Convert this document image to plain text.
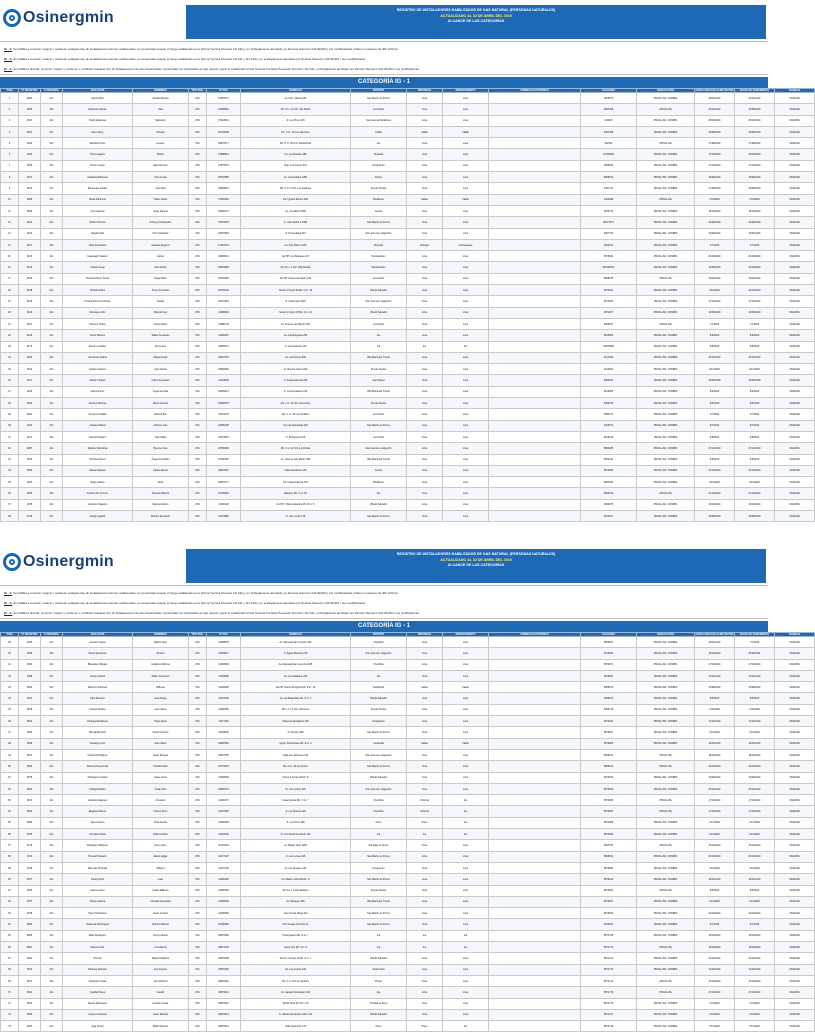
Osinergmin	REGISTRO DE INSTALADORES HABILITADOS DE GAS NATURAL (PERSONAS NATURALES)
ACTUALIZADO AL 22 DE ABRIL DEL 2019
ALCANCE DE LAS CATEGORÍAS
IG - 1:Se habilita a construir, reparar y mantener cualquier tipo de Instalaciones Internas residenciales y/o comerciales (según el rango establecido en la Norma Técnica Peruana 111.011) y en el Reglamento aprobado por Decreto Supremo 042-99-EM y sus modificatorias, hasta un consumo de 300 m3/mes.
IG - 2:Se habilita a construir, reparar y mantener cualquier tipo de Instalaciones Internas residenciales y/o comerciales (según el rango establecido en la Norma Técnica Peruana 111.011 y 111.010) y en el Reglamento aprobado por Decreto Supremo 042-99-EM y sus modificatorias.
IG - 3:Se habilita a diseñar, construir, reparar y mantener o modificar cualquier tipo de Instalaciones Internas residenciales, comerciales y/o industriales de gas natural, según lo establecido en las Normas Técnicas Peruanas 111.010 y 111.011 y el Reglamento aprobado por Decreto Supremo 042-99-EM y sus modificatorias.
CATEGORÍA IG - 1
ÍTEM	Nº REGISTRO	CATEGORÍA	APELLIDOS	NOMBRES	TIPO DOC.	Nº DOC	DOMICILIO	DISTRITO	PROVINCIA	DEPARTAMENTO	CORREO ELECTRÓNICO	TELÉFONO	HABILITACIÓN	FECHA INICIO DE HABILITACIÓN	FECHA DE VENCIMIENTO	VIGENCIA
1	0004	IG1	García Ruiz	Claudio Alberto	DNI	07853127	Av. M.G. Villena 230	San Martín de Porres	Lima	Lima		4562073	PROAL-PE / COMBIS	28/11/2020	14/11/2020	VIGENTE
2	0009	IG1	Espinoza Casafe	Abel	DNI	10095561	Mz. P Lt. 10 Urb. Sta. María	Los Olivos	Lima	Lima		5287258	PROAL-PE	22/11/2020	10/08/2020	VIGENTE
3	0017	IG1	Pardo Espinosa	Marcelino	DNI	07923091	Jr. Los Pinos 145	San Juan de Miraflores	Lima	Lima		410915	PROAL-PE / COMBIS	28/09/2020	26/07/2020	VIGENTE
4	0027	IG1	Pérez Mory	Clímaco	DNI	09746345	Mz. C Lt. 15 Los Jazmines	Callao	Callao	Callao		3407385	PROAL-PE / COMBIS	18/08/2020	18/06/2020	VIGENTE
5	0034	IG1	Mendoza Cruz	Genaro	DNI	09875377	Mz. H Lt. 20 Urb. Santa Rosa	Ate	Lima	Lima		932401	PROAL-PE	17/09/2020	17/09/2020	VIGENTE
6	0040	IG1	Torres Aguirre	Wilson	DNI	07888912	Ca. Los Rosales 485	Surquillo	Lima	Lima		01799236	PROAL-PE / COMBIS	17/10/2020	15/10/2020	VIGENTE
7	0053	IG1	Pérez Crespo	Elías Ernesto	DNI	07975075	Psje. Los Cedros 301	El Agustino	Lima	Lima		2985622	PROAL-PE / COMBIS	17/12/2020	17/12/2020	VIGENTE
8	0071	IG1	Castañeda Barrera	Félix Lucas	DNI	08752085	Av. Universitaria 1450	Breña	Lima	Lima		5069972	PROAL-PE / COMBIS	18/09/2020	28/09/2020	VIGENTE
9	0073	IG1	Bocanegra Lázaro	Juan Ruiz	DNI	09056975	Mz. C Lt. 8 Urb. Los Jardines	Puente Piedra	Lima	Lima		3407744	PROAL-PE / COMBIS	27/09/2020	26/09/2020	VIGENTE
10	0084	IG1	Maza Palomino	Hilario Javier	DNI	07520094	Ca. Ignacio Merino 205	Miraflores	Callao	Callao		4461848	PROAL-PE	7/11/2020	7/11/2020	VIGENTE
11	0096	IG1	Cruz Zamora	Jorge Manuel	DNI	40030147	Av. Los Alisos 2455	Comas	Lima	Lima		3813711	PROAL-PE / COMBIS	15/10/2020	15/10/2020	VIGENTE
12	0102	IG1	Muñoz Herrera	Anthony Christopher	DNI	72970075	Jr. Juan Pablo II 1365	San Martín de Porres	Lima	Lima		08173071	PROAL-PE / COMBIS	24/09/2020	24/09/2020	VIGENTE
13	0103	IG1	Zapata Villa	Percy Eduardo	DNI	40076663	Jr. Pumacahua 467	San Juan de Lurigancho	Lima	Lima		9087726	PROAL-PE / COMBIS	20/06/2020	26/07/2020	VIGENTE
14	0107	IG1	Oliva Fernández	Gustavo Eugenio	DNI	17963710	Ca. San Martín 1130	Pimentel	Chiclayo	Lambayeque		4902571	PROAL-PE / COMBIS	4/7/2020	4/7/2020	VIGENTE
15	0123	IG1	Cavenaghi Velasco	Carlos	DNI	40080911	AA.HH. Los Bosques 147	Pachacámac	Lima	Lima		5076632	PROAL-PE / COMBIS	24/09/2020	24/09/2020	VIGENTE
16	0129	IG1	Cubas Gongo	Félix Pedro	DNI	40594883	Mz. E Lt. 4 Urb. Villa Florida	Pachacámac	Lima	Lima		927548971	PROAL-PE / COMBIS	14/08/2020	31/10/2020	VIGENTE
17	0134	IG1	Huamanchumo Torres	Edgar Raúl	DNI	40760694	AA.HH. Nueva Jerusalén 120	Los Olivos	Lima	Lima		5868278	PROAL-PE	24/11/2020	24/11/2020	VIGENTE
18	0138	IG1	Alcalde Rufea	Jimmy Fernando	DNI	40700140	Sector 4 Grupo 20 Mz. C Lt. 15	Villa El Salvador	Lima	Lima		2874021	PROAL-PE / COMBIS	2/11/2020	22/10/2020	VIGENTE
19	0145	IG1	Huamanchumo Guzmán	Freddy	DNI	40707923	Jr. Amazonas 1045	San Juan de Lurigancho	Lima	Lima		2874020	PROAL-PE / COMBIS	17/11/2020	17/11/2020	VIGENTE
20	0149	IG1	Manrique Ortiz	Marcial Ceci	DNI	41086600	Sector 2 Grupo 15 Mz. F Lt. 10	Villa El Salvador	Lima	Lima		2871257	PROAL-PE / COMBIS	18/08/2020	18/08/2020	VIGENTE
21	0151	IG1	Peceros Trelles	César Martín	DNI	41088703	Av. Antúnez de Mayolo 790	Los Olivos	Lima	Lima		5866707	PROAL-PE	7/7/2020	7/7/2020	VIGENTE
22	0169	IG1	Pérez Bances	Walter Fernando	DNI	41060407	Ca. Las Begonias 254	Ate	Lima	Lima		5815902	PROAL-PE / COMBIS	6/9/2020	6/9/2020	VIGENTE
23	0174	IG1	Romero Corales	Percy Alex	DNI	40859127	Jr. Las Gaviotas 310	Ica	Ica	Ica		02345098	PROAL-PE / COMBIS	6/8/2020	6/8/2020	VIGENTE
24	0183	IG1	Arredondo Palma	Miguel Angel	DNI	40937370	Av. Los Héroes 520	Villa María del Triunfo	Lima	Lima		2117066	PROAL-PE / COMBIS	23/11/2020	23/11/2020	VIGENTE
25	0192	IG1	Quinton Gómez	Juan Carlos	DNI	40830000	Av. Buenos Aires 1120	Puente Piedra	Lima	Lima		2410491	PROAL-PE / COMBIS	2/12/2020	2/12/2020	VIGENTE
26	0217	IG1	Núñez Charles	Carlos Fernando	DNI	41144035	Jr. Independencia 440	San Miguel	Lima	Lima		5052031	PROAL-PE / COMBIS	26/03/2020	26/03/2020	VIGENTE
27	0230	IG1	Carlos Pérez	Ángel del Alba	DNI	40009074	Jr. Los Eucaliptos 210	Villa María del Triunfo	Lima	Lima		2012005	PROAL-PE / COMBIS	8/4/2020	8/4/2020	VIGENTE
28	0240	IG1	Serrano Piscoya	Marco Antonio	DNI	40098075	Mz. L Lt. 20 Urb. Las Flores	Puente Piedra	Lima	Lima		5483070	PROAL-PE / COMBIS	8/5/2020	8/5/2020	VIGENTE
29	0241	IG1	Cisneros Castillo	Samuel Ben	DNI	41378179	Mz. C Lt. 30 Los Portales	Los Olivos	Lima	Lima		3881170	PROAL-PE / COMBIS	4/7/2020	4/7/2020	VIGENTE
30	0244	IG1	Grandez Bazal	Johnnie Ivan	DNI	40080108	Ca. Las Orquídeas 118	San Martín de Porres	Lima	Lima		2409371	PROAL-PE / COMBIS	8/7/2020	8/7/2020	VIGENTE
31	0271	IG1	García Huamaní	Juan Pablo	DNI	40079507	Jr. Bolognesi 1145	Los Olivos	Lima	Lima		5812130	PROAL-PE / COMBIS	8/8/2020	8/8/2020	VIGENTE
32	0287	IG1	Ramírez Mendoza	Brenner Ivan	DNI	40780000	Mz. C Lt. 12 Urb. La Florida	San Juan de Lurigancho	Lima	Lima		5880265	PROAL-PE / COMBIS	27/12/2020	27/12/2020	VIGENTE
33	0300	IG1	Porrasco Pérez	Ángel Lino Mario	DNI	40780150	Av. José de San Martín 334	Villa María del Triunfo	Lima	Lima		5802110	PROAL-PE / COMBIS	8/9/2020	8/9/2020	VIGENTE
34	0305	IG1	Palma Vásquez	Carlos Alberto	DNI	40857367	Calle Alcanfores 145	Comas	Lima	Lima		5870450	PROAL-PE / COMBIS	21/10/2020	21/10/2020	VIGENTE
35	0312	IG1	Rojas Valerio	Dulio	DNI	40857717	Ca. Independencia 720	Miraflores	Lima	Lima		2681063	PROAL-PE / COMBIS	2/10/2020	2/10/2020	VIGENTE
36	0356	IG1	Cebrero De La Cruz	Pascual Gilberto	DNI	40789481	Márquez Mz. K Lt. 20	Ate	Lima	Lima		5860739	PROAL-PE	21/10/2020	21/10/2020	VIGENTE
37	0378	IG1	Campos Chaparro	Marcelo Martín	DNI	41160120	AA.HH. Villa Limatambo Mz. B Lt. 5	Villa El Salvador	Lima	Lima		2869475	PROAL-PE / COMBIS	16/10/2020	16/10/2020	VIGENTE
38	0416	IG1	Aragón Aguilar	Richard Fernando	DNI	41170850	Jr. San Lucas 178	San Martín de Porres	Lima	Lima		4870071	PROAL-PE / COMBIS	15/09/2020	15/09/2020	VIGENTE
Osinergmin	REGISTRO DE INSTALADORES HABILITADOS DE GAS NATURAL (PERSONAS NATURALES)
ACTUALIZADO AL 22 DE ABRIL DEL 2019
ALCANCE DE LAS CATEGORÍAS
IG - 1:Se habilita a construir, reparar y mantener cualquier tipo de Instalaciones Internas residenciales y/o comerciales (según el rango establecido en la Norma Técnica Peruana 111.011) y en el Reglamento aprobado por Decreto Supremo 042-99-EM y sus modificatorias, hasta un consumo de 300 m3/mes.
IG - 2:Se habilita a construir, reparar y mantener cualquier tipo de Instalaciones Internas residenciales y/o comerciales (según el rango establecido en la Norma Técnica Peruana 111.011 y 111.010) y en el Reglamento aprobado por Decreto Supremo 042-99-EM y sus modificatorias.
IG - 3:Se habilita a diseñar, construir, reparar y mantener o modificar cualquier tipo de Instalaciones Internas residenciales, comerciales y/o industriales de gas natural, según lo establecido en las Normas Técnicas Peruanas 111.010 y 111.011 y el Reglamento aprobado por Decreto Supremo 042-99-EM y sus modificatorias.
CATEGORÍA IG - 1
ÍTEM	Nº REGISTRO	CATEGORÍA	APELLIDOS	NOMBRES	TIPO DOC.	Nº DOC	DOMICILIO	DISTRITO	PROVINCIA	DEPARTAMENTO	CORREO ELECTRÓNICO	TELÉFONO	HABILITACIÓN	FECHA INICIO DE HABILITACIÓN	FECHA DE VENCIMIENTO	VIGENCIA
39	0436	IG1	Lescano Ayque	Basilio José	DNI	41008078	Av. Alameda San Lorenzo 320	Chorrillos	Lima	Lima		5869247	PROAL-PE / COMBIS	23/11/2020	7/7/2020	VIGENTE
40	0458	IG1	Noreti Sarmiento	Simeón	DNI	41009117	Jr. Aguas Marinas 278	San Juan de Lurigancho	Lima	Lima		4018484	PROAL-PE / COMBIS	16/10/2020	25/02/2021	VIGENTE
41	0493	IG1	Blancales Villegas	Guillermo Alfonso	DNI	41063000	Av. Alameda San Lorenzo 1045	Chorrillos	Lima	Lima		5870071	PROAL-PE / COMBIS	17/10/2020	17/10/2020	VIGENTE
42	0498	IG1	Crispín Artaza	Walter Francisco	DNI	41105000	Ca. Los Gladiolos 225	Ate	Lima	Lima		2876091	PROAL-PE / COMBIS	12/11/2020	12/11/2020	VIGENTE
43	0503	IG1	Ramírez Gutierrez	Wilfredo	DNI	41106080	AA.HH. Nuevo Progreso Mz. E Lt. 12	Carabayllo	Callao	Callao		5868970	PROAL-PE / COMBIS	23/09/2020	23/09/2020	VIGENTE
44	0511	IG1	Paul Romano	Juan Diego	DNI	41178430	Av. Las Magnolias Mz. C Lt. 4	Villa El Salvador	Lima	Lima		2985673	PROAL-PE / COMBIS	8/9/2020	8/9/2020	VIGENTE
45	0518	IG1	Franco Medina	Juan Jaime	DNI	41180300	Mz. L Lt. 5 Urb. Jazmines	Puente Piedra	Lima	Lima		5482778	PROAL-PE / COMBIS	12/8/2020	12/8/2020	VIGENTE
46	0523	IG1	Huanqueña Ramos	Hugo Javier	DNI	41177118	Calle Los Eucaliptos 140	El Agustino	Lima	Lima		2874022	PROAL-PE / COMBIS	17/11/2020	17/11/2020	VIGENTE
47	0536	IG1	Manzanilla Ruiz	Néstor Antonio	DNI	41149000	Jr. Piérola 1180	San Martín de Porres	Lima	Lima		5876221	PROAL-PE / COMBIS	7/11/2020	7/11/2020	VIGENTE
48	0539	IG1	Camargo Cruz	Juan Gilber	DNI	40862360	Agrup. Pachacútec Mz. E Lt. 3	Ventanilla	Callao	Callao		5872806	PROAL-PE / COMBIS	24/11/2020	24/11/2020	VIGENTE
49	0561	IG1	Chacón Rodríguez	Javier Enrique	DNI	40907750	Calle Los Jazmines 110	San Juan de Lurigancho	Lima	Lima		5866974	PROAL-PE	18/11/2020	18/11/2020	VIGENTE
50	0569	IG1	Ramírez Reymundo	Franklin Raúl	DNI	40779079	Mz. D Lt. 20 Las Flores	San Martín de Porres	Lima	Lima		5885310	PROAL-PE	24/10/2020	24/10/2020	VIGENTE
51	0578	IG1	Rodríguez Ludeña	Isaac Jesús	DNI	41008000	Sector 3 Grupo 20 Mz. E	Villa El Salvador	Lima	Lima		2876340	PROAL-PE / COMBIS	20/09/2020	20/09/2020	VIGENTE
52	0593	IG1	Hidalgo Bellido	César Aldo	DNI	40990170	Pj. Los Cedros 118	San Juan de Lurigancho	Lima	Lima		5870870	PROAL-PE / COMBIS	23/11/2020	23/11/2020	VIGENTE
53	0674	IG1	Zevallos Vásquez	Armando	DNI	41100170	Casa Grande Mz. C Lt. 7	Chorrillos	Chincha	Ica		5870665	PROAL-PE	17/11/2020	17/11/2020	VIGENTE
54	0682	IG1	Bejarano Rivera	Franco Rémi	DNI	41047000	Jr. Los Álamos 225	Chorrillos	Chincha	Ica		5870667	PROAL-PE	17/11/2020	17/11/2020	VIGENTE
55	0689	IG1	Jaya Venturo	Ruta Aurelia	DNI	41050000	Jr. Los Ficus 188	Pisco	Pisco	Ica		5871088	PROAL-PE / COMBIS	1/12/2020	1/12/2020	VIGENTE
56	0705	IG1	Gonzales Mesa	Roberto Elías	DNI	41181100	Jr. Luis Pardo Fernando 120	Ica	Ica	Ica		5871680	PROAL-PE / COMBIS	1/12/2020	1/12/2020	VIGENTE
57	0719	IG1	Rodríguez Martínez	Percy Aron	DNI	40781044	Av. Miguel Grau 1180	Santiago de Surco	Lima	Lima		5867070	PROAL-PE	14/10/2020	14/10/2020	VIGENTE
58	0723	IG1	Pineda Huanacio	Edwin Edgar	DNI	41177127	Jr. Las Lomas 225	San Martín de Porres	Lima	Lima		5868702	PROAL-PE / COMBIS	23/10/2020	23/10/2020	VIGENTE
59	0749	IG1	Barreras Orihuela	Manuel	DNI	41179706	Av. Los Ángeles 140	El Agustino	Lima	Lima		5870960	PROAL-PE / COMBIS	1/10/2020	1/10/2020	VIGENTE
60	0767	IG1	Cantoy Ruiz	Juan	DNI	41060000	Ca. Madre Colomba Mz. C	San Martín de Porres	Lima	Lima		5870612	PROAL-PE / COMBIS	24/11/2020	24/11/2020	VIGENTE
61	0782	IG1	García López	Felipe Wilfredo	DNI	41060000	Mz. E Lt. 4 Alto Jardines	Puente Piedra	Lima	Lima		5870813	PROAL-PE	8/9/2020	8/9/2020	VIGENTE
62	0787	IG1	Pinedo García	Christian Alexander	DNI	41099000	Av. Naranjos 180	Villa María del Triunfo	Lima	Lima		5870817	PROAL-PE / COMBIS	1/10/2020	1/10/2020	VIGENTE
63	0798	IG1	Pérez Hinostroza	Javier Antonio	DNI	41106900	Jose Tomás Olaya 412	San Martín de Porres	Lima	Lima		5870818	PROAL-PE / COMBIS	22/10/2020	22/10/2020	VIGENTE
64	0803	IG1	Cárdenas Domínguez	Richard Martino	DNI	40780000	Urb. Pesaje del Norte 11	San Martín de Porres	Lima	Lima		4870011	PROAL-PE / COMBIS	5/7/2020	5/7/2020	VIGENTE
65	0806	IG1	Elias Rodríguez	Jimmy Alberto	DNI	40870630	Prolongación Mz. E Lt. 7	Ica	Ica	Ica		5871708	PROAL-PE / COMBIS	15/10/2020	15/10/2020	VIGENTE
66	0807	IG1	Ramírez Alor	Luis Alberto	DNI	40871145	Cesar Von Mz. A Lt. 6	Ica	Ica	Ica		5871710	PROAL-PE	15/10/2020	15/10/2020	VIGENTE
67	0811	IG1	Tito Tito	Raquel Vitaliano	DNI	40870008	Sector 3 Grupo 20 Mz. F Lt. 7	Villa El Salvador	Lima	Lima		5871712	PROAL-PE / COMBIS	21/11/2020	21/11/2020	VIGENTE
68	0813	IG1	Paredes Huamán	Luis Antonio	DNI	40870009	Ca. Los Cedros 210	Santa Anita	Lima	Lima		5871713	PROAL-PE / COMBIS	21/11/2020	21/11/2020	VIGENTE
69	0817	IG1	Alcántara Cubas	Jose Roberto	DNI	40870010	Mz. F Lt. 18 Los Jardines	Rímac	Lima	Lima		5871714	PROAL-PE	14/10/2020	14/10/2020	VIGENTE
70	0821	IG1	Castilla Parea	Gerald	DNI	40870011	Av. Gaspar Hernández 140	Ate	Lima	Lima		5871715	PROAL-PE	27/11/2020	27/11/2020	VIGENTE
71	0823	IG1	Santos Manriquez	Gustavo Cesar	DNI	40870012	SPUR Oliva Mz. B Lt. 15	Trinidad de Moro	Lima	Lima		5871716	PROAL-PE / COMBIS	7/11/2020	7/11/2020	VIGENTE
72	0829	IG1	Correa Contreras	César Ricardo	DNI	40870013	Jr. Alberto Alexander Uribe 123	Villa El Salvador	Lima	Lima		5871717	PROAL-PE / COMBIS	7/11/2020	7/11/2020	VIGENTE
73	0833	IG1	Jaya Nuñez	Wilbo Roberto	DNI	40870014	Calle Ayacucho 170	Pisco	Pisco	Ica		5871718	PROAL-PE / COMBIS	7/12/2020	7/12/2020	VIGENTE
